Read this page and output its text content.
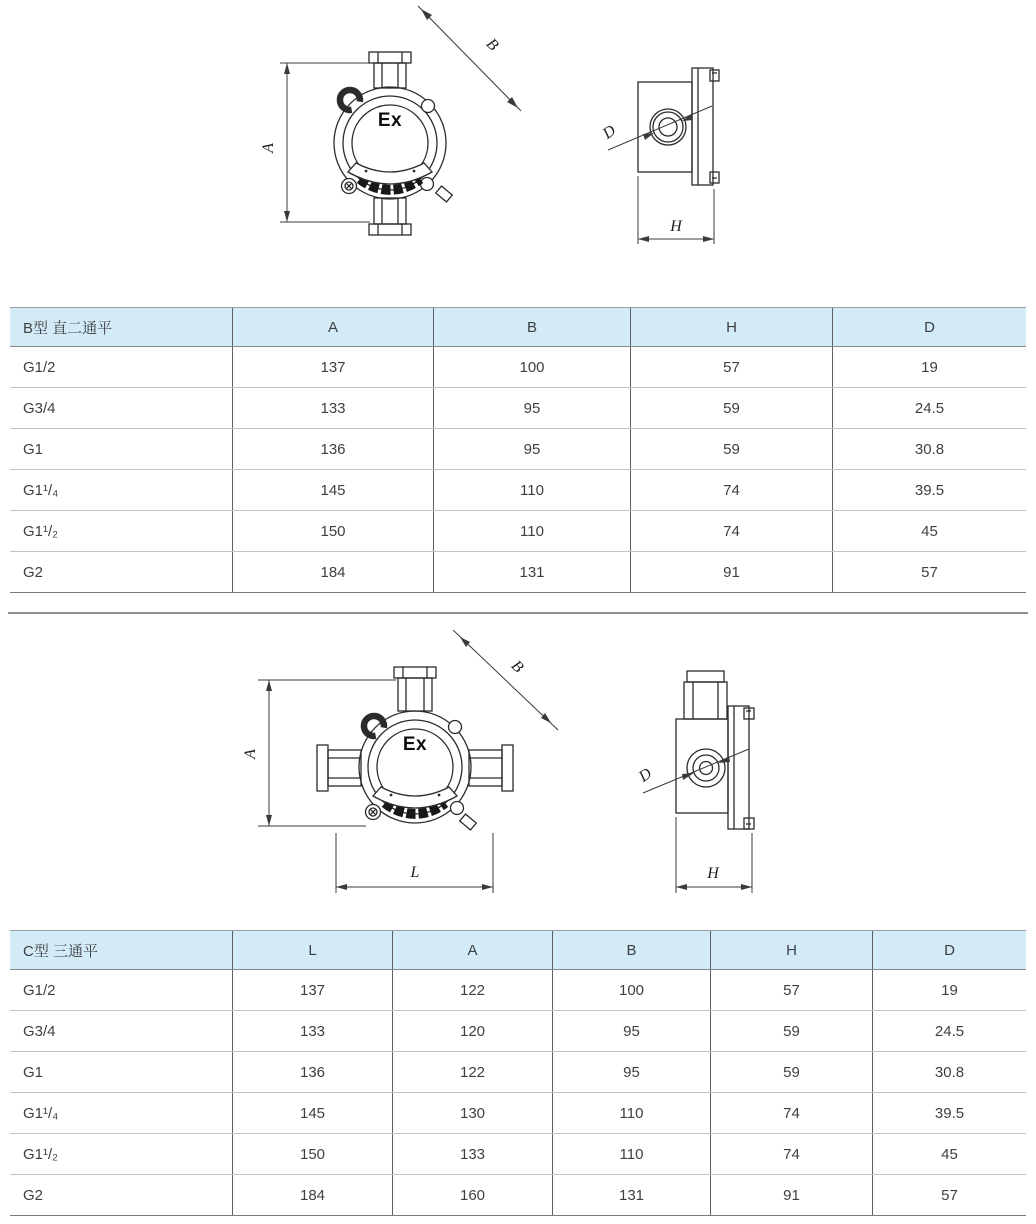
Ex
A
B
D
H
B型 直二通平	A	B	H	D
G1/2	137	100	57	19
G3/4	133	95	59	24.5
G1	136	95	59	30.8
G1¹/₄	145	110	74	39.5
G1¹/₂	150	110	74	45
G2	184	131	91	57
Ex
A
B
L
D
H
C型 三通平	L	A	B	H	D
G1/2	137	122	100	57	19
G3/4	133	120	95	59	24.5
G1	136	122	95	59	30.8
G1¹/₄	145	130	110	74	39.5
G1¹/₂	150	133	110	74	45
G2	184	160	131	91	57
